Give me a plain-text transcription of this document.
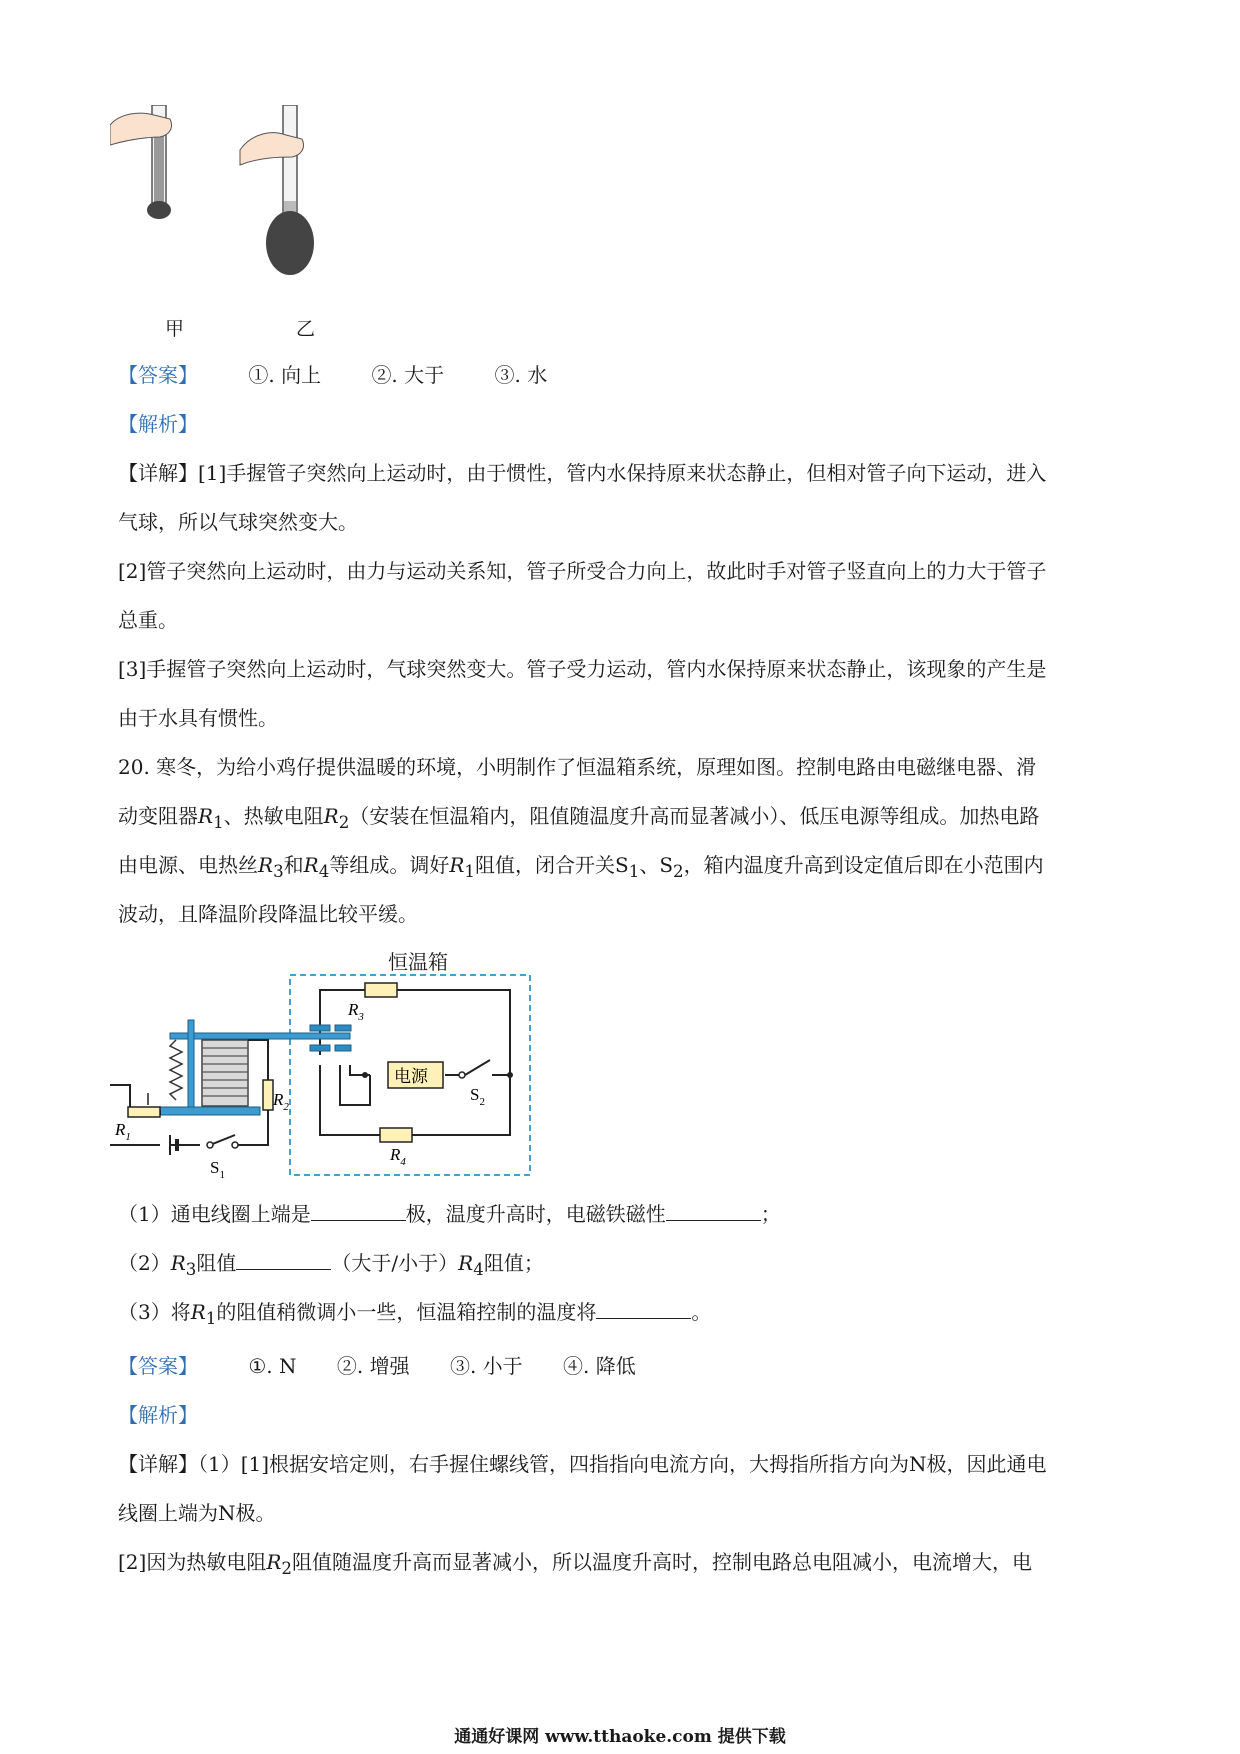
甲	乙
【答案】	①. 向上	②. 大于	③. 水
【解析】
【详解】[1]手握管子突然向上运动时，由于惯性，管内水保持原来状态静止，但相对管子向下运动，进入
气球，所以气球突然变大。
[2]管子突然向上运动时，由力与运动关系知，管子所受合力向上，故此时手对管子竖直向上的力大于管子
总重。
[3]手握管子突然向上运动时，气球突然变大。管子受力运动，管内水保持原来状态静止，该现象的产生是
由于水具有惯性。
20. 寒冬，为给小鸡仔提供温暖的环境，小明制作了恒温箱系统，原理如图。控制电路由电磁继电器、滑
动变阻器$R_1$、热敏电阻$R_2$（安装在恒温箱内，阻值随温度升高而显著减小）、低压电源等组成。加热电路
由电源、电热丝$R_3$和$R_4$等组成。调好$R_1$阻值，闭合开关$S_1$、$S_2$，箱内温度升高到设定值后即在小范围内
波动，且降温阶段降温比较平缓。
恒温箱
$R_3$
$R_4$
$R_2$
$R_1$
$S_1$
$S_2$
电源
（1）通电线圈上端是	极，温度升高时，电磁铁磁性	；
$(2)R_3$阻值	（大于/小于）$R_4$阻值；
（3）将$R_1$的阻值稍微调小一些，恒温箱控制的温度将	。
【答案】	①. N ②. 增强 ③. 小于 ④. 降低
【解析】
【详解】（1）[1]根据安培定则，右手握住螺线管，四指指向电流方向，大拇指所指方向为N极，因此通电
线圈上端为N极。
[2]因为热敏电阻$R_2$阻值随温度升高而显著减小，所以温度升高时，控制电路总电阻减小，电流增大，电
通通好课网 www.tthaoke.com 提供下载
